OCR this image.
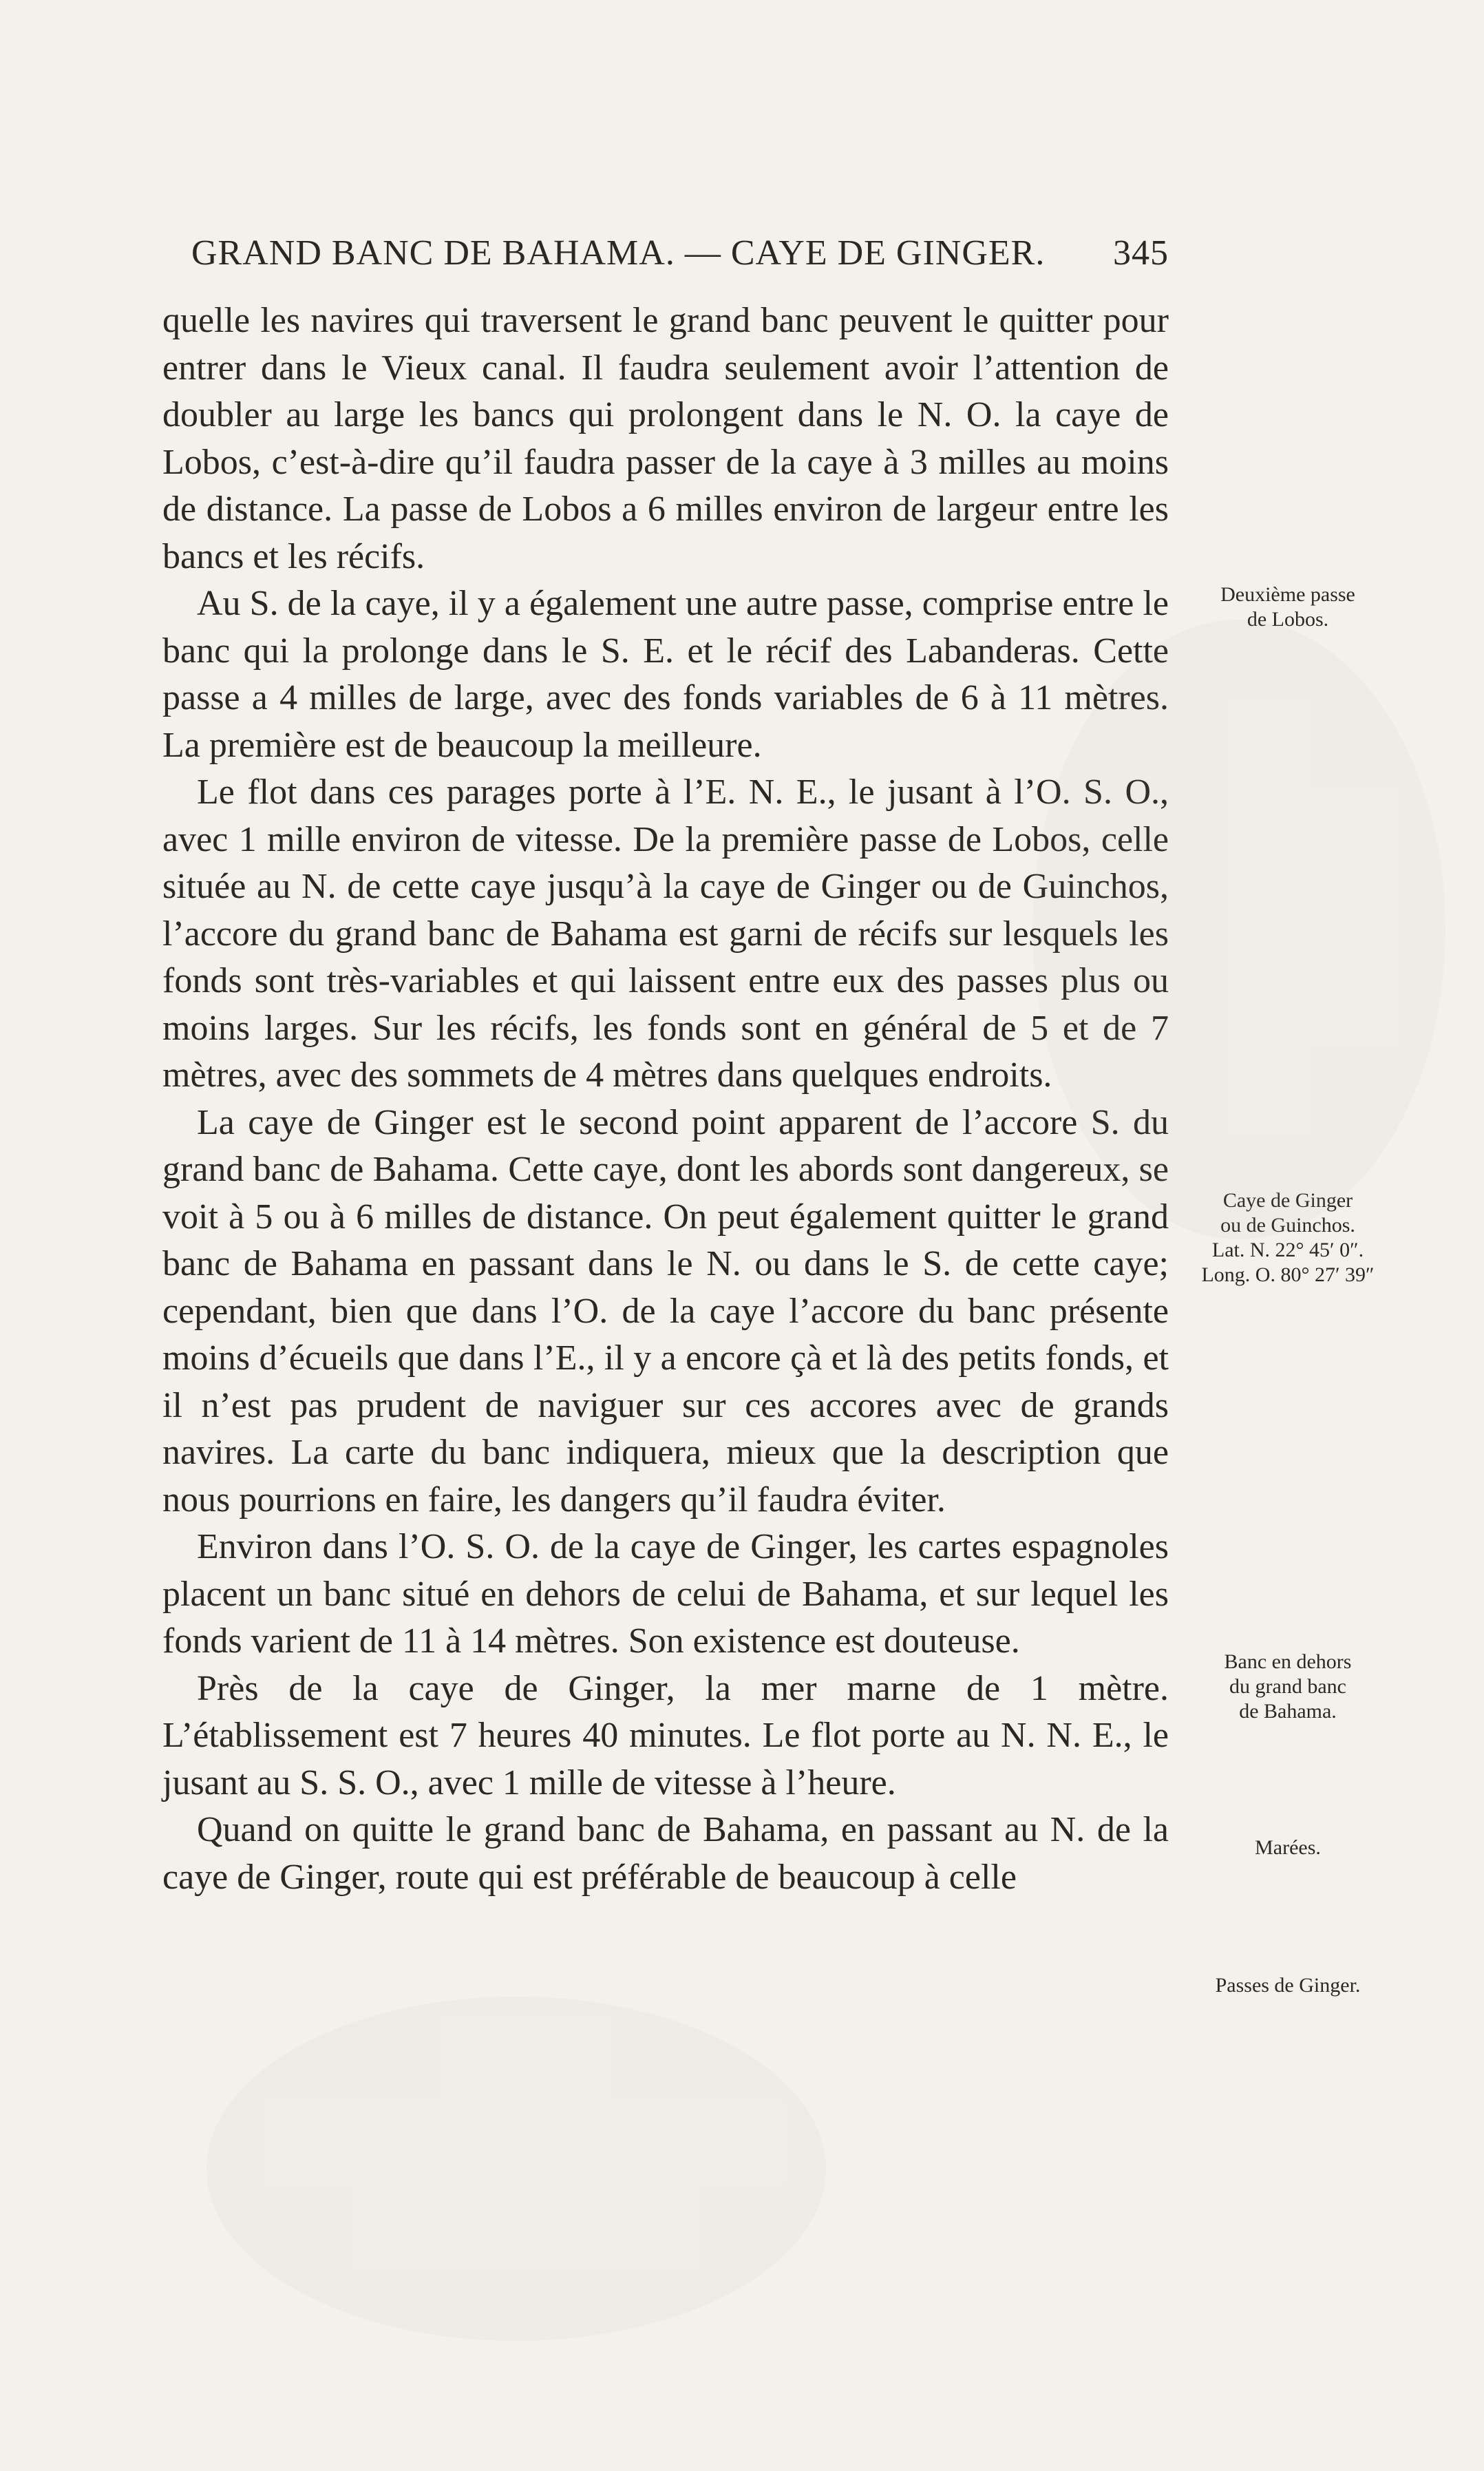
GRAND BANC DE BAHAMA. — CAYE DE GINGER. 345

quelle les navires qui traversent le grand banc peuvent le quitter pour entrer dans le Vieux canal. Il faudra seulement avoir l’attention de doubler au large les bancs qui prolongent dans le N. O. la caye de Lobos, c’est-à-dire qu’il faudra passer de la caye à 3 milles au moins de distance. La passe de Lobos a 6 milles environ de largeur entre les bancs et les récifs.

Au S. de la caye, il y a également une autre passe, comprise entre le banc qui la prolonge dans le S. E. et le récif des Labanderas. Cette passe a 4 milles de large, avec des fonds variables de 6 à 11 mètres. La première est de beaucoup la meilleure.

Le flot dans ces parages porte à l’E. N. E., le jusant à l’O. S. O., avec 1 mille environ de vitesse. De la première passe de Lobos, celle située au N. de cette caye jusqu’à la caye de Ginger ou de Guinchos, l’accore du grand banc de Bahama est garni de récifs sur lesquels les fonds sont très-variables et qui laissent entre eux des passes plus ou moins larges. Sur les récifs, les fonds sont en général de 5 et de 7 mètres, avec des sommets de 4 mètres dans quelques endroits.

La caye de Ginger est le second point apparent de l’accore S. du grand banc de Bahama. Cette caye, dont les abords sont dangereux, se voit à 5 ou à 6 milles de distance. On peut également quitter le grand banc de Bahama en passant dans le N. ou dans le S. de cette caye; cependant, bien que dans l’O. de la caye l’accore du banc présente moins d’écueils que dans l’E., il y a encore çà et là des petits fonds, et il n’est pas prudent de naviguer sur ces accores avec de grands navires. La carte du banc indiquera, mieux que la description que nous pourrions en faire, les dangers qu’il faudra éviter.

Environ dans l’O. S. O. de la caye de Ginger, les cartes espagnoles placent un banc situé en dehors de celui de Bahama, et sur lequel les fonds varient de 11 à 14 mètres. Son existence est douteuse.

Près de la caye de Ginger, la mer marne de 1 mètre. L’établissement est 7 heures 40 minutes. Le flot porte au N. N. E., le jusant au S. S. O., avec 1 mille de vitesse à l’heure.

Quand on quitte le grand banc de Bahama, en passant au N. de la caye de Ginger, route qui est préférable de beaucoup à celle

Deuxième passe
de Lobos.
Caye de Ginger
ou de Guinchos.
Lat. N. 22° 45′ 0″.
Long. O. 80° 27′ 39″
Banc en dehors
du grand banc
de Bahama.
Marées.
Passes de Ginger.
